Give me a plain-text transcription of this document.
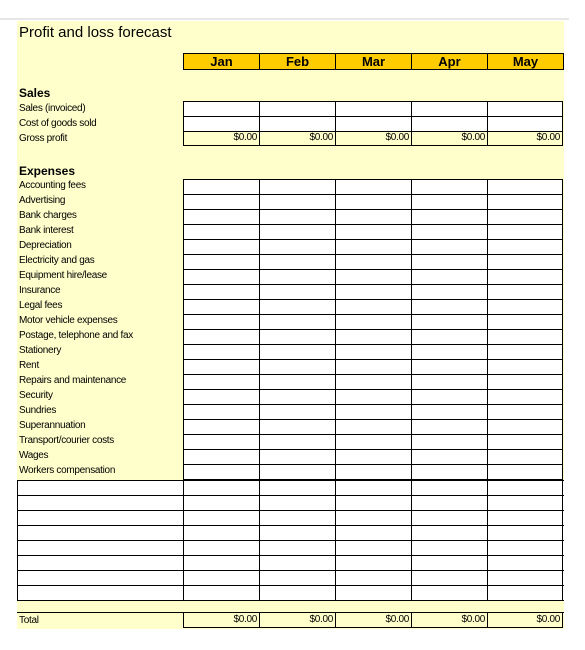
Profit and loss forecast
Jan	Feb	Mar	Apr	May
Sales
Sales (invoiced)
Cost of goods sold
Gross profit	$0.00	$0.00	$0.00	$0.00	$0.00
Expenses
Accounting fees
Advertising
Bank charges
Bank interest
Depreciation
Electricity and gas
Equipment hire/lease
Insurance
Legal fees
Motor vehicle expenses
Postage, telephone and fax
Stationery
Rent
Repairs and maintenance
Security
Sundries
Superannuation
Transport/courier costs
Wages
Workers compensation
Total	$0.00	$0.00	$0.00	$0.00	$0.00
